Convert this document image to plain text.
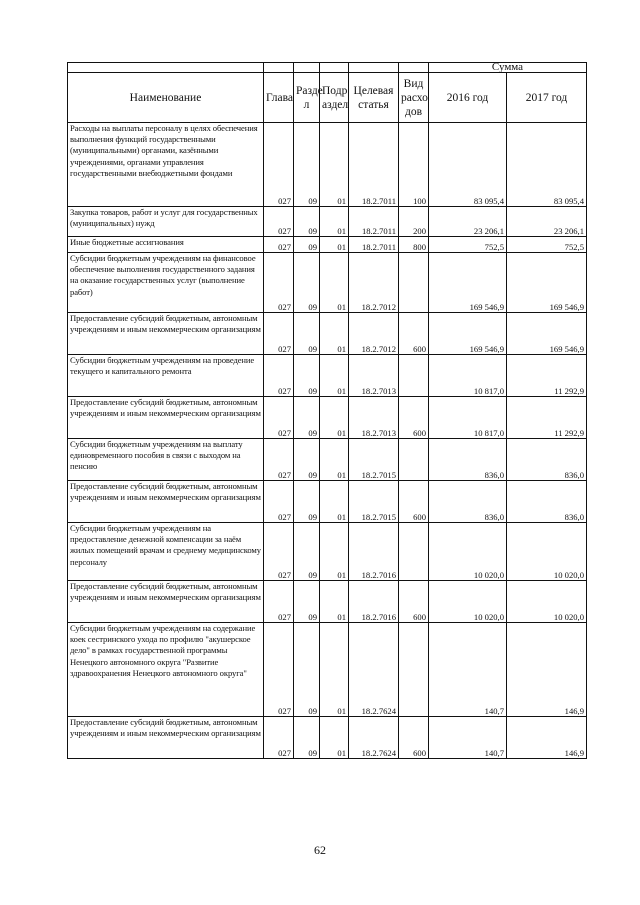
						Сумма	
Наименование	Глава	Разде л	Подр аздел	Целевая статья	Вид расхо дов	2016 год	2017 год
Расходы на выплаты персоналу в целях обеспечения выполнения функций государственными (муниципальными) органами, казёнными учреждениями, органами управления государственными внебюджетными фондами	027	09	01	18.2.7011	100	83 095,4	83 095,4
Закупка товаров, работ и услуг для государственных (муниципальных) нужд	027	09	01	18.2.7011	200	23 206,1	23 206,1
Иные бюджетные ассигнования	027	09	01	18.2.7011	800	752,5	752,5
Субсидии бюджетным учреждениям на финансовое обеспечение выполнения государственного задания на оказание государственных услуг (выполнение работ)	027	09	01	18.2.7012		169 546,9	169 546,9
Предоставление субсидий бюджетным, автономным учреждениям и иным некоммерческим организациям	027	09	01	18.2.7012	600	169 546,9	169 546,9
Субсидии бюджетным учреждениям на проведение текущего и капитального ремонта	027	09	01	18.2.7013		10 817,0	11 292,9
Предоставление субсидий бюджетным, автономным учреждениям и иным некоммерческим организациям	027	09	01	18.2.7013	600	10 817,0	11 292,9
Субсидии бюджетным учреждениям на выплату единовременного пособия в связи с выходом на пенсию	027	09	01	18.2.7015		836,0	836,0
Предоставление субсидий бюджетным, автономным учреждениям и иным некоммерческим организациям	027	09	01	18.2.7015	600	836,0	836,0
Субсидии бюджетным учреждениям на предоставление денежной компенсации за наём жилых помещений врачам и среднему медицинскому персоналу	027	09	01	18.2.7016		10 020,0	10 020,0
Предоставление субсидий бюджетным, автономным учреждениям и иным некоммерческим организациям	027	09	01	18.2.7016	600	10 020,0	10 020,0
Субсидии бюджетным учреждениям на содержание коек сестринского ухода по профилю "акушерское дело" в рамках государственной программы Ненецкого автономного округа "Развитие здравоохранения Ненецкого автономного округа"	027	09	01	18.2.7624		140,7	146,9
Предоставление субсидий бюджетным, автономным учреждениям и иным некоммерческим организациям	027	09	01	18.2.7624	600	140,7	146,9
62
